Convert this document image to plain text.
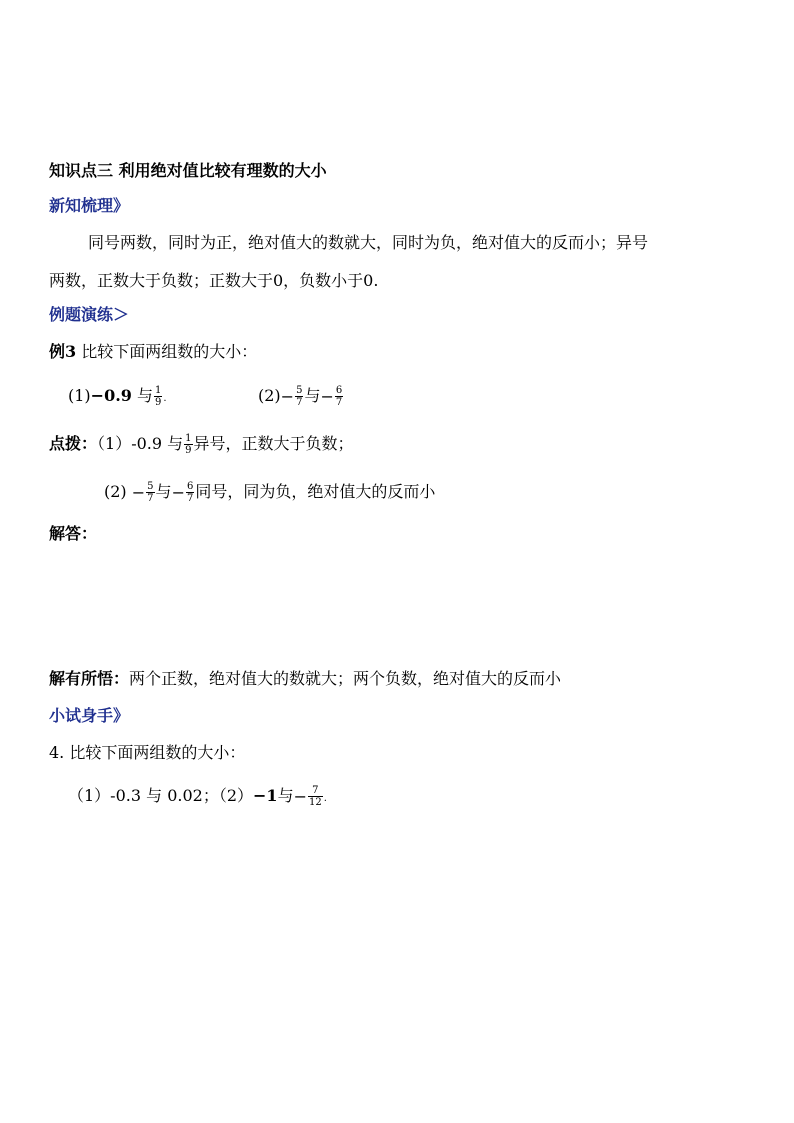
知识点三 利用绝对值比较有理数的大小
新知梳理》
同号两数，同时为正，绝对值大的数就大，同时为负，绝对值大的反而小；异号
两数，正数大于负数；正数大于0，负数小于0.
例题演练＞
例3 比较下面两组数的大小：
(1)−0.9 与 $\frac{1}{9}$ .	$(2)- \frac{5}{7}$ 与− $\frac{6}{7}$
点拨：（1）-0.9 与 $\frac{1}{9}$ 异号，正数大于负数；
$(2) - \frac{5}{7}$ 与− $\frac{6}{7}$ 同号，同为负，绝对值大的反而小
解答：
解有所悟：两个正数，绝对值大的数就大；两个负数，绝对值大的反而小
小试身手》
4. 比较下面两组数的大小：
（1）-0.3 与 0.02；（2）−1与− $\frac{7}{12}$ .
